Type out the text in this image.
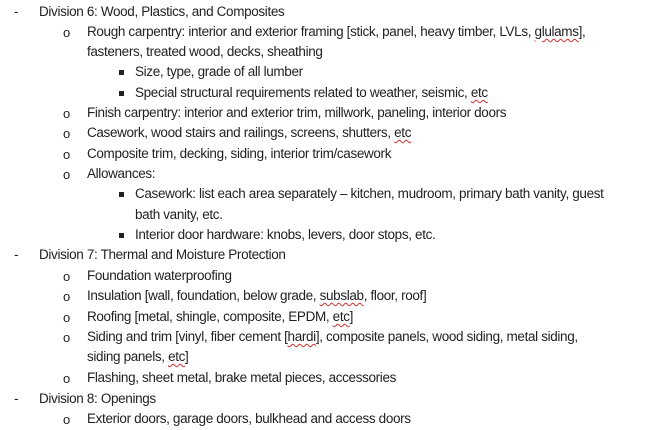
- Division 6: Wood, Plastics, and Composites
o Rough carpentry: interior and exterior framing [stick, panel, heavy timber, LVLs, glulams],
fasteners, treated wood, decks, sheathing
Size, type, grade of all lumber
Special structural requirements related to weather, seismic, etc
o Finish carpentry: interior and exterior trim, millwork, paneling, interior doors
o Casework, wood stairs and railings, screens, shutters, etc
o Composite trim, decking, siding, interior trim/casework
o Allowances:
Casework: list each area separately – kitchen, mudroom, primary bath vanity, guest
bath vanity, etc.
Interior door hardware: knobs, levers, door stops, etc.
- Division 7: Thermal and Moisture Protection
o Foundation waterproofing
o Insulation [wall, foundation, below grade, subslab, floor, roof]
o Roofing [metal, shingle, composite, EPDM, etc]
o Siding and trim [vinyl, fiber cement [hardi], composite panels, wood siding, metal siding,
siding panels, etc]
o Flashing, sheet metal, brake metal pieces, accessories
- Division 8: Openings
o Exterior doors, garage doors, bulkhead and access doors
